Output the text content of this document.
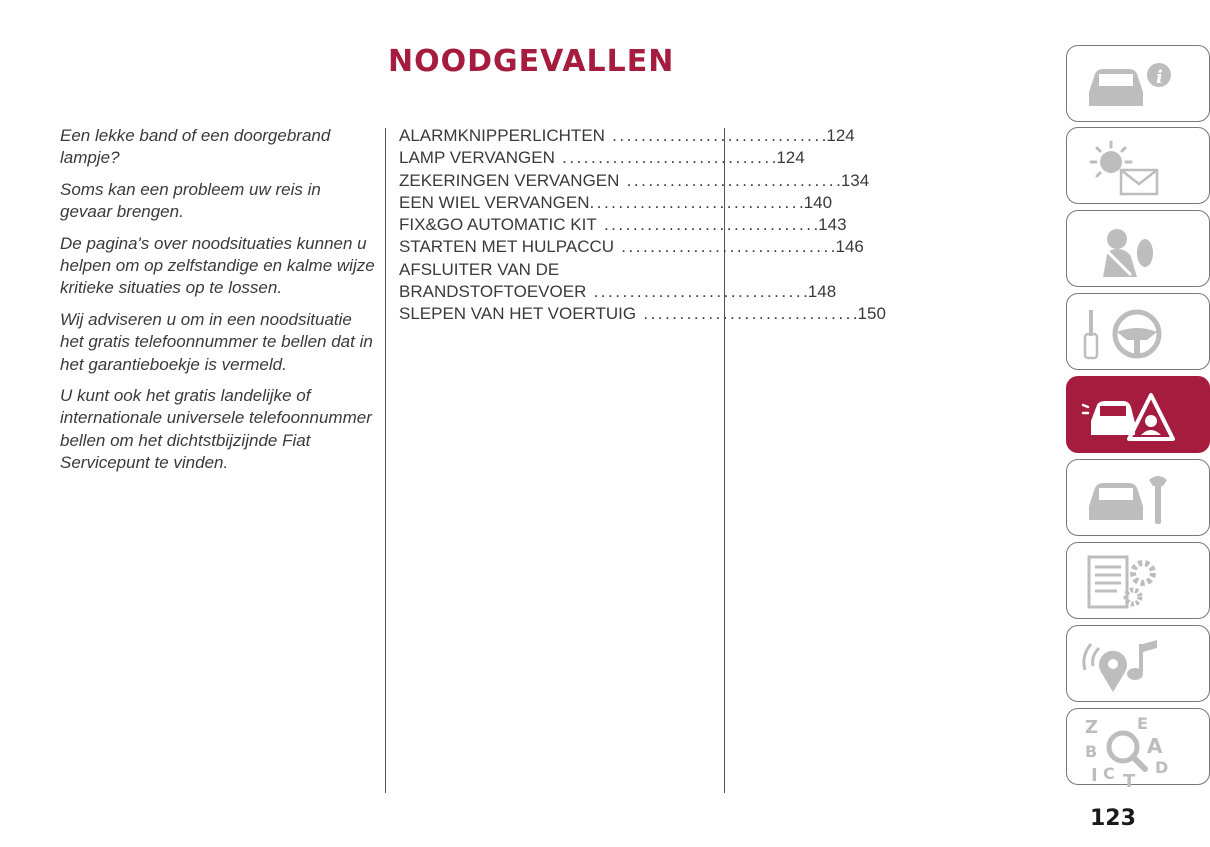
NOODGEVALLEN

Een lekke band of een doorgebrand lampje?

Soms kan een probleem uw reis in gevaar brengen.

De pagina's over noodsituaties kunnen u helpen om op zelfstandige en kalme wijze kritieke situaties op te lossen.

Wij adviseren u om in een noodsituatie het gratis telefoonnummer te bellen dat in het garantieboekje is vermeld.

U kunt ook het gratis landelijke of internationale universele telefoonnummer bellen om het dichtstbijzijnde Fiat Servicepunt te vinden.

ALARMKNIPPERLICHTEN ............................. .124
LAMP VERVANGEN ............................. .124
ZEKERINGEN VERVANGEN ............................. .134
EEN WIEL VERVANGEN ............................. .140
FIX&GO AUTOMATIC KIT ............................. .143
STARTEN MET HULPACCU ............................. .146
AFSLUITER VAN DE
BRANDSTOFTOEVOER ............................. .148
SLEPEN VAN HET VOERTUIG ............................. .150
i
Z E
B A
I C T
D
123
